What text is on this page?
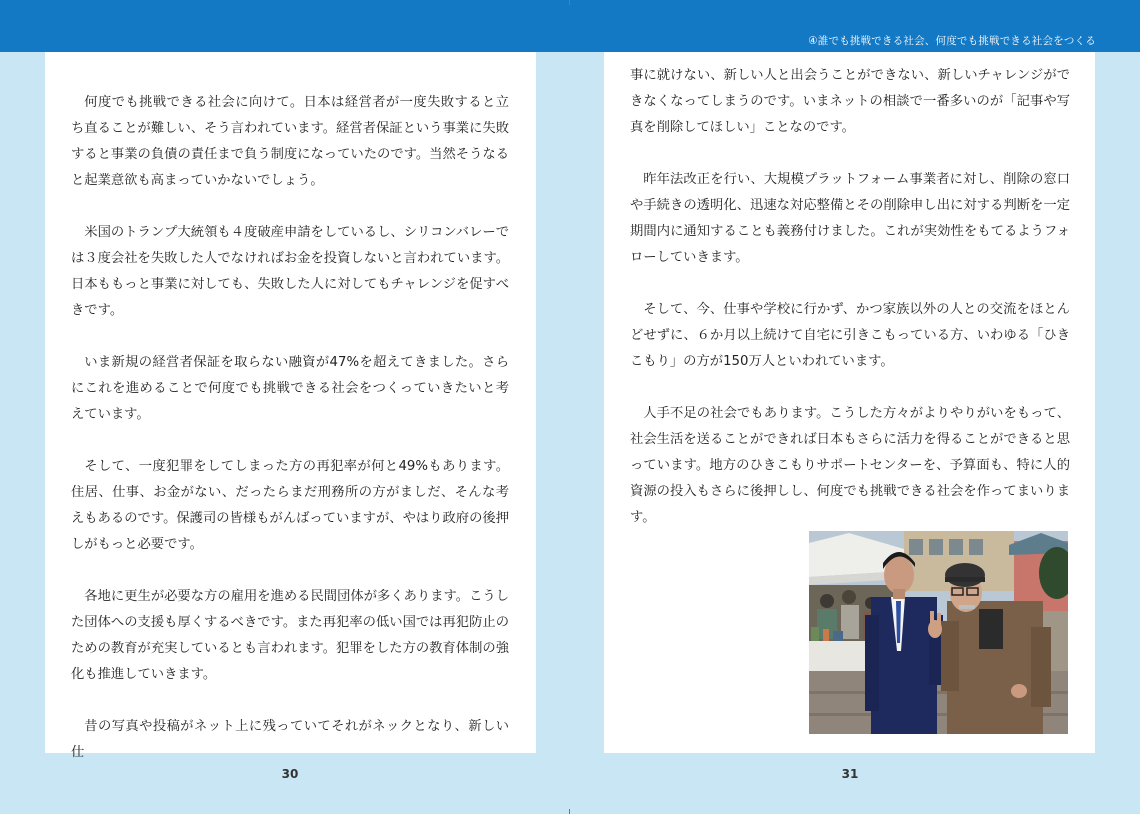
④誰でも挑戦できる社会、何度でも挑戦できる社会をつくる

何度でも挑戦できる社会に向けて。日本は経営者が一度失敗すると立ち直ることが難しい、そう言われています。経営者保証という事業に失敗すると事業の負債の責任まで負う制度になっていたのです。当然そうなると起業意欲も高まっていかないでしょう。

米国のトランプ大統領も４度破産申請をしているし、シリコンバレーでは３度会社を失敗した人でなければお金を投資しないと言われています。日本ももっと事業に対しても、失敗した人に対してもチャレンジを促すべきです。

いま新規の経営者保証を取らない融資が47%を超えてきました。さらにこれを進めることで何度でも挑戦できる社会をつくっていきたいと考えています。

そして、一度犯罪をしてしまった方の再犯率が何と49%もあります。住居、仕事、お金がない、だったらまだ刑務所の方がましだ、そんな考えもあるのです。保護司の皆様もがんばっていますが、やはり政府の後押しがもっと必要です。

各地に更生が必要な方の雇用を進める民間団体が多くあります。こうした団体への支援も厚くするべきです。また再犯率の低い国では再犯防止のための教育が充実しているとも言われます。犯罪をした方の教育体制の強化も推進していきます。

昔の写真や投稿がネット上に残っていてそれがネックとなり、新しい仕

事に就けない、新しい人と出会うことができない、新しいチャレンジができなくなってしまうのです。いまネットの相談で一番多いのが「記事や写真を削除してほしい」ことなのです。

昨年法改正を行い、大規模プラットフォーム事業者に対し、削除の窓口や手続きの透明化、迅速な対応整備とその削除申し出に対する判断を一定期間内に通知することも義務付けました。これが実効性をもてるようフォローしていきます。

そして、今、仕事や学校に行かず、かつ家族以外の人との交流をほとんどせずに、６か月以上続けて自宅に引きこもっている方、いわゆる「ひきこもり」の方が150万人といわれています。

人手不足の社会でもあります。こうした方々がよりやりがいをもって、社会生活を送ることができれば日本もさらに活力を得ることができると思っています。地方のひきこもりサポートセンターを、予算面も、特に人的資源の投入もさらに後押しし、何度でも挑戦できる社会を作ってまいります。

30	31
